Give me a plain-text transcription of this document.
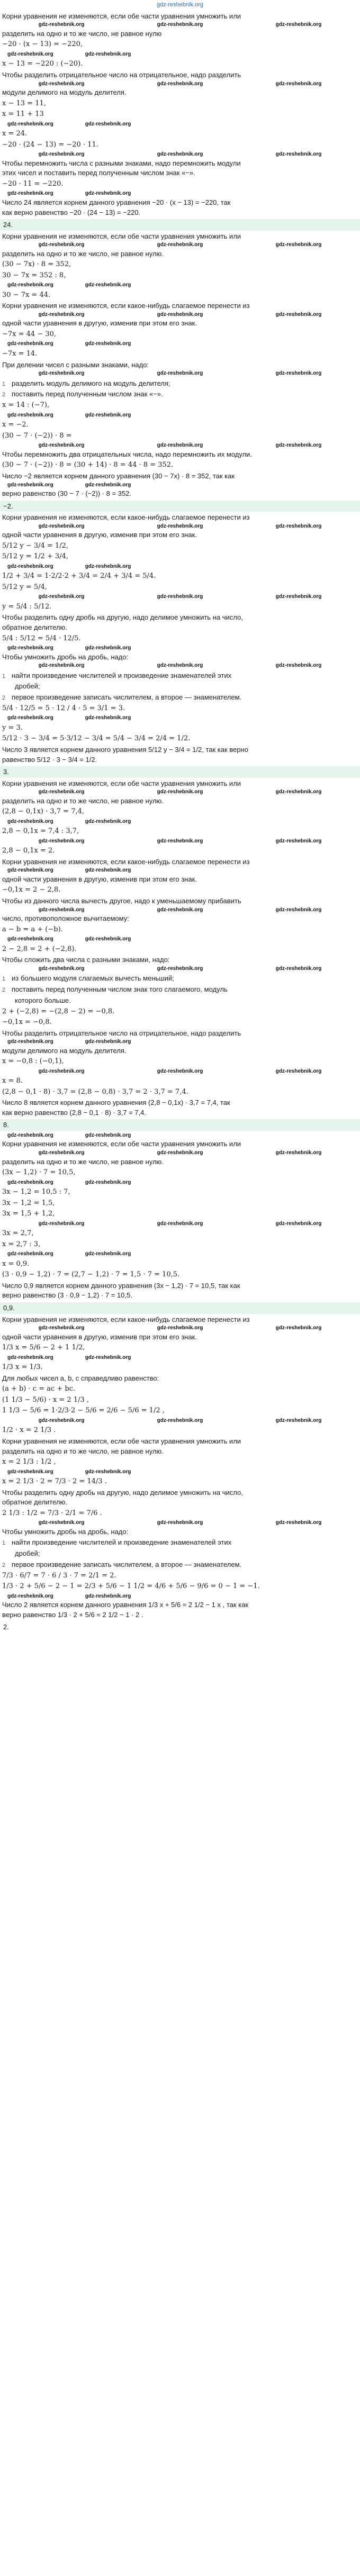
gdz-reshebnik.org
Корни уравнения не изменяются, если обе части уравнения умножить или
gdz-reshebnik.org	gdz-reshebnik.org	gdz-reshebnik.org
разделить на одно и то же число, не равное нулю
−20 · (x − 13) = −220,
gdz-reshebnik.org	gdz-reshebnik.org
x − 13 = −220 : (−20).
Чтобы разделить отрицательное число на отрицательное, надо разделить
gdz-reshebnik.org	gdz-reshebnik.org	gdz-reshebnik.org
модули делимого на модуль делителя.
x − 13 = 11,
x = 11 + 13
gdz-reshebnik.org	gdz-reshebnik.org
x = 24.
−20 · (24 − 13) = −20 · 11.
gdz-reshebnik.org	gdz-reshebnik.org	gdz-reshebnik.org
Чтобы перемножить числа с разными знаками, надо перемножить модули
этих чисел и поставить перед полученным числом знак «−».
−20 · 11 = −220.
gdz-reshebnik.org	gdz-reshebnik.org
Число 24 является корнем данного уравнения −20 · (x − 13) = −220, так
как верно равенство −20 · (24 − 13) = −220.
24.
Корни уравнения не изменяются, если обе части уравнения умножить или
gdz-reshebnik.org	gdz-reshebnik.org	gdz-reshebnik.org
разделить на одно и то же число, не равное нулю.
(30 − 7x) · 8 = 352,
30 − 7x = 352 : 8,
gdz-reshebnik.org	gdz-reshebnik.org
30 − 7x = 44.
Корни уравнения не изменяются, если какое-нибудь слагаемое перенести из
gdz-reshebnik.org	gdz-reshebnik.org	gdz-reshebnik.org
одной части уравнения в другую, изменив при этом его знак.
−7x = 44 − 30,
gdz-reshebnik.org	gdz-reshebnik.org
−7x = 14.
При делении чисел с разными знаками, надо:
gdz-reshebnik.org	gdz-reshebnik.org	gdz-reshebnik.org
1 разделить модуль делимого на модуль делителя;
2 поставить перед полученным числом знак «−».
x = 14 : (−7),
gdz-reshebnik.org	gdz-reshebnik.org
x = −2.
(30 − 7 · (−2)) · 8 =
gdz-reshebnik.org	gdz-reshebnik.org	gdz-reshebnik.org
Чтобы перемножить два отрицательных числа, надо перемножить их модули.
(30 − 7 · (−2)) · 8 = (30 + 14) · 8 = 44 · 8 = 352.
Число −2 является корнем данного уравнения (30 − 7x) · 8 = 352, так как
gdz-reshebnik.org	gdz-reshebnik.org
верно равенство (30 − 7 · (−2)) · 8 = 352.
−2.
Корни уравнения не изменяются, если какое-нибудь слагаемое перенести из
gdz-reshebnik.org	gdz-reshebnik.org	gdz-reshebnik.org
одной части уравнения в другую, изменив при этом его знак.
5/12 y − 3/4 = 1/2,
5/12 y = 1/2 + 3/4,
gdz-reshebnik.org	gdz-reshebnik.org
1/2 + 3/4 = 1·2/2·2 + 3/4 = 2/4 + 3/4 = 5/4.
5/12 y = 5/4,
gdz-reshebnik.org	gdz-reshebnik.org	gdz-reshebnik.org
y = 5/4 : 5/12.
Чтобы разделить одну дробь на другую, надо делимое умножить на число,
обратное делителю.
5/4 : 5/12 = 5/4 · 12/5.
gdz-reshebnik.org	gdz-reshebnik.org
Чтобы умножить дробь на дробь, надо:
gdz-reshebnik.org	gdz-reshebnik.org	gdz-reshebnik.org
1 найти произведение числителей и произведение знаменателей этих
дробей;
2 первое произведение записать числителем, а второе — знаменателем.
5/4 · 12/5 = 5 · 12 / 4 · 5 = 3/1 = 3.
gdz-reshebnik.org	gdz-reshebnik.org
y = 3.
5/12 · 3 − 3/4 = 5·3/12 − 3/4 = 5/4 − 3/4 = 2/4 = 1/2.
Число 3 является корнем данного уравнения 5/12 y − 3/4 = 1/2, так как верно
равенство 5/12 · 3 − 3/4 = 1/2.
3.
Корни уравнения не изменяются, если обе части уравнения умножить или
gdz-reshebnik.org	gdz-reshebnik.org	gdz-reshebnik.org
разделить на одно и то же число, не равное нулю.
(2,8 − 0,1x) · 3,7 = 7,4,
gdz-reshebnik.org	gdz-reshebnik.org
2,8 − 0,1x = 7,4 : 3,7,
gdz-reshebnik.org	gdz-reshebnik.org	gdz-reshebnik.org
2,8 − 0,1x = 2.
Корни уравнения не изменяются, если какое-нибудь слагаемое перенести из
gdz-reshebnik.org	gdz-reshebnik.org
одной части уравнения в другую, изменив при этом его знак.
−0,1x = 2 − 2,8.
Чтобы из данного числа вычесть другое, надо к уменьшаемому прибавить
gdz-reshebnik.org	gdz-reshebnik.org	gdz-reshebnik.org
число, противоположное вычитаемому:
a − b = a + (−b).
gdz-reshebnik.org	gdz-reshebnik.org
2 − 2,8 = 2 + (−2,8).
Чтобы сложить два числа с разными знаками, надо:
gdz-reshebnik.org	gdz-reshebnik.org	gdz-reshebnik.org
1 из большего модуля слагаемых вычесть меньший;
2 поставить перед полученным числом знак того слагаемого, модуль
которого больше.
2 + (−2,8) = −(2,8 − 2) = −0,8.
−0,1x = −0,8.
Чтобы разделить отрицательное число на отрицательное, надо разделить
gdz-reshebnik.org	gdz-reshebnik.org
модули делимого на модуль делителя.
x = −0,8 : (−0,1),
gdz-reshebnik.org	gdz-reshebnik.org	gdz-reshebnik.org
x = 8.
(2,8 − 0,1 · 8) · 3,7 = (2,8 − 0,8) · 3,7 = 2 · 3,7 = 7,4.
Число 8 является корнем данного уравнения (2,8 − 0,1x) · 3,7 = 7,4, так
как верно равенство (2,8 − 0,1 · 8) · 3,7 = 7,4.
8.
gdz-reshebnik.org	gdz-reshebnik.org
Корни уравнения не изменяются, если обе части уравнения умножить или
gdz-reshebnik.org	gdz-reshebnik.org	gdz-reshebnik.org
разделить на одно и то же число, не равное нулю.
(3x − 1,2) · 7 = 10,5,
gdz-reshebnik.org	gdz-reshebnik.org
3x − 1,2 = 10,5 : 7,
3x − 1,2 = 1,5,
3x = 1,5 + 1,2,
gdz-reshebnik.org	gdz-reshebnik.org	gdz-reshebnik.org
3x = 2,7,
x = 2,7 : 3,
gdz-reshebnik.org	gdz-reshebnik.org
x = 0,9.
(3 · 0,9 − 1,2) · 7 = (2,7 − 1,2) · 7 = 1,5 · 7 = 10,5.
Число 0,9 является корнем данного уравнения (3x − 1,2) · 7 = 10,5, так как
верно равенство (3 · 0,9 − 1,2) · 7 = 10,5.
0,9.
Корни уравнения не изменяются, если какое-нибудь слагаемое перенести из
gdz-reshebnik.org	gdz-reshebnik.org	gdz-reshebnik.org
одной части уравнения в другую, изменив при этом его знак.
1/3 x = 5/6 − 2 + 1 1/2,
gdz-reshebnik.org	gdz-reshebnik.org
1/3 x = 1/3.
Для любых чисел a, b, c справедливо равенство:
(a + b) · c = ac + bc.
(1 1/3 − 5/6) · x = 2 1/3 ,
1 1/3 − 5/6 = 1·2/3·2 − 5/6 = 2/6 − 5/6 = 1/2 ,
gdz-reshebnik.org	gdz-reshebnik.org	gdz-reshebnik.org
1/2 · x = 2 1/3 .
Корни уравнения не изменяются, если обе части уравнения умножить или
разделить на одно и то же число, не равное нулю.
x = 2 1/3 : 1/2 ,
gdz-reshebnik.org	gdz-reshebnik.org
x = 2 1/3 · 2 = 7/3 · 2 = 14/3 .
Чтобы разделить одну дробь на другую, надо делимое умножить на число,
обратное делителю.
2 1/3 : 1/2 = 7/3 · 2/1 = 7/6 .
gdz-reshebnik.org	gdz-reshebnik.org	gdz-reshebnik.org
Чтобы умножить дробь на дробь, надо:
1 найти произведение числителей и произведение знаменателей этих
дробей;
2 первое произведение записать числителем, а второе — знаменателем.
7/3 · 6/7 = 7 · 6 / 3 · 7 = 2/1 = 2.
1/3 · 2 + 5/6 − 2 − 1 = 2/3 + 5/6 − 1 1/2 = 4/6 + 5/6 − 9/6 = 0 − 1 = −1.
gdz-reshebnik.org	gdz-reshebnik.org
Число 2 является корнем данного уравнения 1/3 x + 5/6 = 2 1/2 − 1 x , так как
верно равенство 1/3 · 2 + 5/6 = 2 1/2 − 1 · 2 .
2.
